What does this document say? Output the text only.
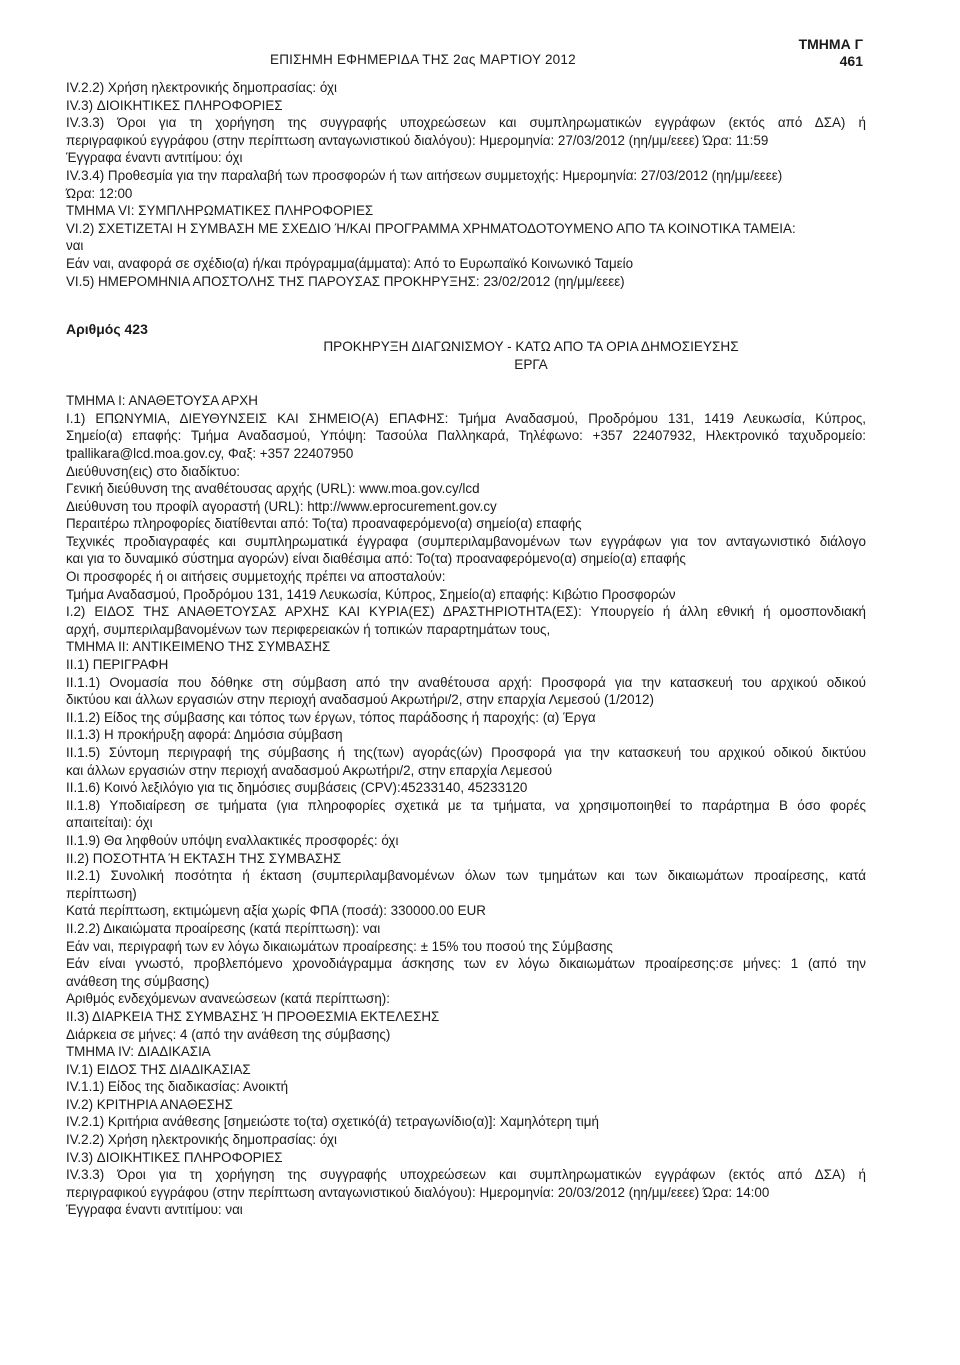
ΕΠΙΣΗΜΗ ΕΦΗΜΕΡΙΔΑ ΤΗΣ 2ας ΜΑΡΤΙΟΥ 2012
ΤΜΗΜΑ Γ
461
IV.2.2) Χρήση ηλεκτρονικής δημοπρασίας: όχι
IV.3) ΔΙΟΙΚΗΤΙΚΕΣ ΠΛΗΡΟΦΟΡΙΕΣ
IV.3.3) Όροι για τη χορήγηση της συγγραφής υποχρεώσεων και συμπληρωματικών εγγράφων (εκτός από ΔΣΑ) ή
περιγραφικού εγγράφου (στην περίπτωση ανταγωνιστικού διαλόγου): Ημερομηνία: 27/03/2012 (ηη/μμ/εεεε) Ώρα: 11:59
Έγγραφα έναντι αντιτίμου: όχι
IV.3.4) Προθεσμία για την παραλαβή των προσφορών ή των αιτήσεων συμμετοχής: Ημερομηνία: 27/03/2012 (ηη/μμ/εεεε)
Ώρα: 12:00
ΤΜΗΜΑ VI: ΣΥΜΠΛΗΡΩΜΑΤΙΚΕΣ ΠΛΗΡΟΦΟΡΙΕΣ
VI.2) ΣΧΕΤΙΖΕΤΑΙ Η ΣΥΜΒΑΣΗ ΜΕ ΣΧΕΔΙΟ Ή/ΚΑΙ ΠΡΟΓΡΑΜΜΑ ΧΡΗΜΑΤΟΔΟΤΟΥΜΕΝΟ ΑΠΟ ΤΑ ΚΟΙΝΟΤΙΚΑ ΤΑΜΕΙΑ:
ναι
Εάν ναι, αναφορά σε σχέδιο(α) ή/και πρόγραμμα(άμματα): Από το Ευρωπαϊκό Κοινωνικό Ταμείο
VI.5) ΗΜΕΡΟΜΗΝΙΑ ΑΠΟΣΤΟΛΗΣ ΤΗΣ ΠΑΡΟΥΣΑΣ ΠΡΟΚΗΡΥΞΗΣ: 23/02/2012 (ηη/μμ/εεεε)
Αριθμός 423
ΠΡΟΚΗΡΥΞΗ ΔΙΑΓΩΝΙΣΜΟΥ - ΚΑΤΩ ΑΠΟ ΤΑ ΟΡΙΑ ΔΗΜΟΣΙΕΥΣΗΣ
ΕΡΓΑ
ΤΜΗΜΑ Ι: ΑΝΑΘΕΤΟΥΣΑ ΑΡΧΗ
Ι.1) ΕΠΩΝΥΜΙΑ, ΔΙΕΥΘΥΝΣΕΙΣ ΚΑΙ ΣΗΜΕΙΟ(Α) ΕΠΑΦΗΣ: Τμήμα Αναδασμού, Προδρόμου 131, 1419 Λευκωσία, Κύπρος,
Σημείο(α) επαφής: Τμήμα Αναδασμού, Υπόψη: Τασούλα Παλληκαρά, Τηλέφωνο: +357 22407932, Ηλεκτρονικό ταχυδρομείο:
tpallikara@lcd.moa.gov.cy, Φαξ: +357 22407950
Διεύθυνση(εις) στο διαδίκτυο:
Γενική διεύθυνση της αναθέτουσας αρχής (URL): www.moa.gov.cy/lcd
Διεύθυνση του προφίλ αγοραστή (URL): http://www.eprocurement.gov.cy
Περαιτέρω πληροφορίες διατίθενται από: Το(τα) προαναφερόμενο(α) σημείο(α) επαφής
Τεχνικές προδιαγραφές και συμπληρωματικά έγγραφα (συμπεριλαμβανομένων των εγγράφων για τον ανταγωνιστικό διάλογο
και για το δυναμικό σύστημα αγορών) είναι διαθέσιμα από: Το(τα) προαναφερόμενο(α) σημείο(α) επαφής
Οι προσφορές ή οι αιτήσεις συμμετοχής πρέπει να αποσταλούν:
Τμήμα Αναδασμού, Προδρόμου 131, 1419 Λευκωσία, Κύπρος, Σημείο(α) επαφής: Κιβώτιο Προσφορών
Ι.2) ΕΙΔΟΣ ΤΗΣ ΑΝΑΘΕΤΟΥΣΑΣ ΑΡΧΗΣ ΚΑΙ ΚΥΡΙΑ(ΕΣ) ΔΡΑΣΤΗΡΙΟΤΗΤΑ(ΕΣ): Υπουργείο ή άλλη εθνική ή ομοσπονδιακή
αρχή, συμπεριλαμβανομένων των περιφερειακών ή τοπικών παραρτημάτων τους,
ΤΜΗΜΑ ΙΙ: ΑΝΤΙΚΕΙΜΕΝΟ ΤΗΣ ΣΥΜΒΑΣΗΣ
ΙΙ.1) ΠΕΡΙΓΡΑΦΗ
ΙΙ.1.1) Ονομασία που δόθηκε στη σύμβαση από την αναθέτουσα αρχή: Προσφορά για την κατασκευή του αρχικού οδικού
δικτύου και άλλων εργασιών στην περιοχή αναδασμού Ακρωτήρι/2, στην επαρχία Λεμεσού (1/2012)
ΙΙ.1.2) Είδος της σύμβασης και τόπος των έργων, τόπος παράδοσης ή παροχής: (α) Έργα
ΙΙ.1.3) Η προκήρυξη αφορά: Δημόσια σύμβαση
ΙΙ.1.5) Σύντομη περιγραφή της σύμβασης ή της(των) αγοράς(ών) Προσφορά για την κατασκευή του αρχικού οδικού δικτύου
και άλλων εργασιών στην περιοχή αναδασμού Ακρωτήρι/2, στην επαρχία Λεμεσού
ΙΙ.1.6) Κοινό λεξιλόγιο για τις δημόσιες συμβάσεις (CPV):45233140, 45233120
ΙΙ.1.8) Υποδιαίρεση σε τμήματα (για πληροφορίες σχετικά με τα τμήματα, να χρησιμοποιηθεί το παράρτημα Β όσο φορές
απαιτείται): όχι
ΙΙ.1.9) Θα ληφθούν υπόψη εναλλακτικές προσφορές: όχι
ΙΙ.2) ΠΟΣΟΤΗΤΑ Ή ΕΚΤΑΣΗ ΤΗΣ ΣΥΜΒΑΣΗΣ
ΙΙ.2.1) Συνολική ποσότητα ή έκταση (συμπεριλαμβανομένων όλων των τμημάτων και των δικαιωμάτων προαίρεσης, κατά
περίπτωση)
Κατά περίπτωση, εκτιμώμενη αξία χωρίς ΦΠΑ (ποσά): 330000.00 EUR
ΙΙ.2.2) Δικαιώματα προαίρεσης (κατά περίπτωση): ναι
Εάν ναι, περιγραφή των εν λόγω δικαιωμάτων προαίρεσης: ± 15% του ποσού της Σύμβασης
Εάν είναι γνωστό, προβλεπόμενο χρονοδιάγραμμα άσκησης των εν λόγω δικαιωμάτων προαίρεσης:σε μήνες: 1 (από την
ανάθεση της σύμβασης)
Αριθμός ενδεχόμενων ανανεώσεων (κατά περίπτωση):
ΙΙ.3) ΔΙΑΡΚΕΙΑ ΤΗΣ ΣΥΜΒΑΣΗΣ Ή ΠΡΟΘΕΣΜΙΑ ΕΚΤΕΛΕΣΗΣ
Διάρκεια σε μήνες: 4 (από την ανάθεση της σύμβασης)
ΤΜΗΜΑ IV: ΔΙΑΔΙΚΑΣΙΑ
IV.1) ΕΙΔΟΣ ΤΗΣ ΔΙΑΔΙΚΑΣΙΑΣ
IV.1.1) Είδος της διαδικασίας: Ανοικτή
IV.2) ΚΡΙΤΗΡΙΑ ΑΝΑΘΕΣΗΣ
IV.2.1) Κριτήρια ανάθεσης [σημειώστε το(τα) σχετικό(ά) τετραγωνίδιο(α)]: Χαμηλότερη τιμή
IV.2.2) Χρήση ηλεκτρονικής δημοπρασίας: όχι
IV.3) ΔΙΟΙΚΗΤΙΚΕΣ ΠΛΗΡΟΦΟΡΙΕΣ
IV.3.3) Όροι για τη χορήγηση της συγγραφής υποχρεώσεων και συμπληρωματικών εγγράφων (εκτός από ΔΣΑ) ή
περιγραφικού εγγράφου (στην περίπτωση ανταγωνιστικού διαλόγου): Ημερομηνία: 20/03/2012 (ηη/μμ/εεεε) Ώρα: 14:00
Έγγραφα έναντι αντιτίμου: ναι
